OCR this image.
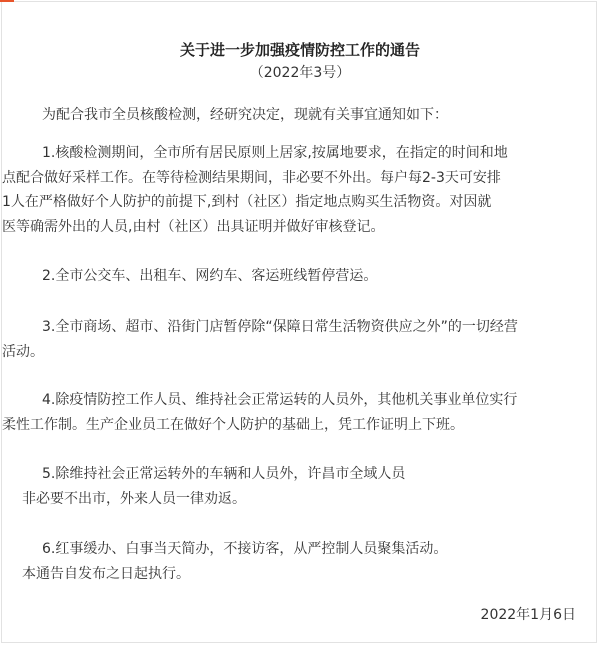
关于进一步加强疫情防控工作的通告
（2022年3号）

为配合我市全员核酸检测，经研究决定，现就有关事宜通知如下：

1.核酸检测期间，全市所有居民原则上居家,按属地要求，在指定的时间和地
点配合做好采样工作。在等待检测结果期间，非必要不外出。每户每2-3天可安排
1人在严格做好个人防护的前提下,到村（社区）指定地点购买生活物资。对因就
医等确需外出的人员,由村（社区）出具证明并做好审核登记。

2.全市公交车、出租车、网约车、客运班线暂停营运。

3.全市商场、超市、沿街门店暂停除“保障日常生活物资供应之外”的一切经营
活动。

4.除疫情防控工作人员、维持社会正常运转的人员外，其他机关事业单位实行
柔性工作制。生产企业员工在做好个人防护的基础上，凭工作证明上下班。

5.除维持社会正常运转外的车辆和人员外，许昌市全域人员
非必要不出市，外来人员一律劝返。

6.红事缓办、白事当天简办，不接访客，从严控制人员聚集活动。
本通告自发布之日起执行。

2022年1月6日
